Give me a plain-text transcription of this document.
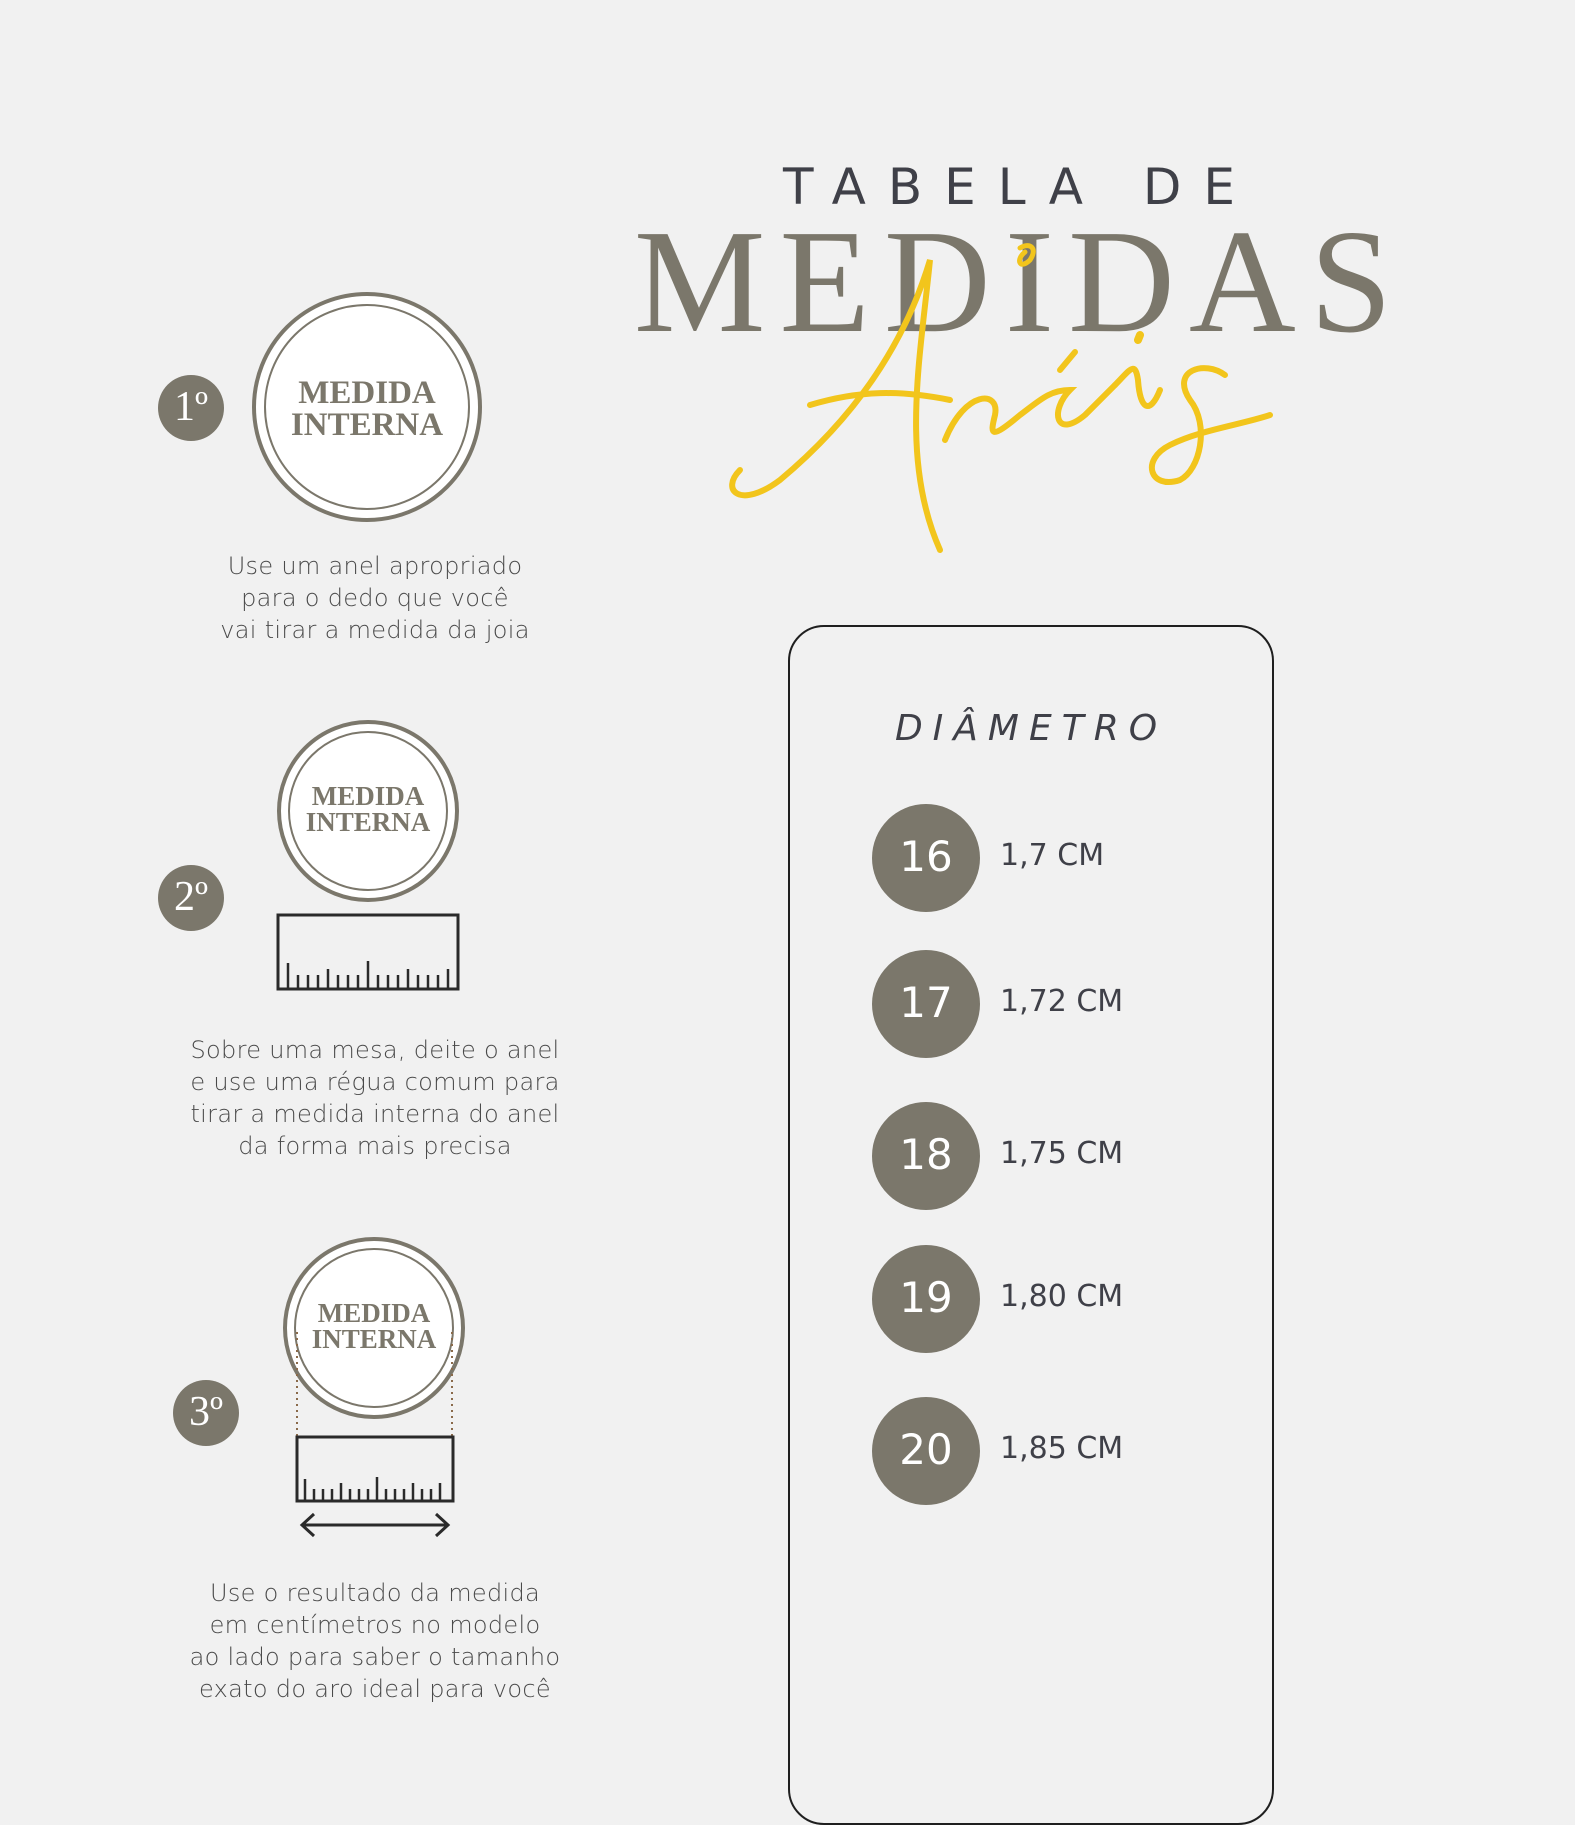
TABELA DE
MEDIDAS
1º	MEDIDA
INTERNA
Use um anel apropriado
para o dedo que você
vai tirar a medida da joia
2º
MEDIDA
INTERNA
Sobre uma mesa, deite o anel
e use uma régua comum para
tirar a medida interna do anel
da forma mais precisa
3º
MEDIDA
INTERNA
Use o resultado da medida
em centímetros no modelo
ao lado para saber o tamanho
exato do aro ideal para você
DIÂMETRO
16	1,7 CM
17	1,72 CM
18	1,75 CM
19	1,80 CM
20	1,85 CM
